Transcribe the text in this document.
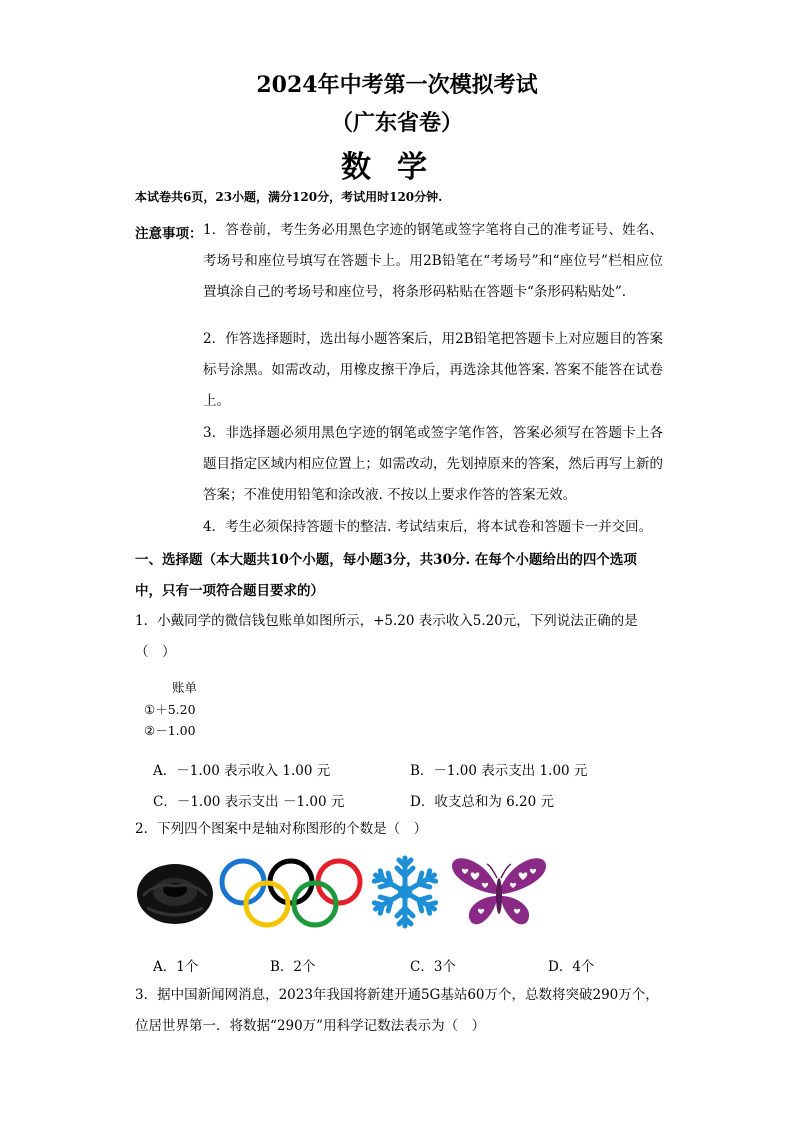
2024年中考第一次模拟考试
（广东省卷）
数学
本试卷共6页，23小题，满分120分，考试用时120分钟.
注意事项： 1．答卷前，考生务必用黑色字迹的钢笔或签字笔将自己的准考证号、姓名、考场号和座位号填写在答题卡上。用2B铅笔在“考场号”和“座位号”栏相应位置填涂自己的考场号和座位号，将条形码粘贴在答题卡“条形码粘贴处”.
2．作答选择题时，选出每小题答案后，用2B铅笔把答题卡上对应题目的答案标号涂黑。如需改动，用橡皮擦干净后，再选涂其他答案. 答案不能答在试卷上。
3．非选择题必须用黑色字迹的钢笔或签字笔作答，答案必须写在答题卡上各题目指定区域内相应位置上；如需改动，先划掉原来的答案，然后再写上新的答案；不准使用铅笔和涂改液. 不按以上要求作答的答案无效。
4．考生必须保持答题卡的整洁. 考试结束后，将本试卷和答题卡一并交回。
一、选择题（本大题共10个小题，每小题3分，共30分. 在每个小题给出的四个选项中，只有一项符合题目要求的）
1．小戴同学的微信钱包账单如图所示，+5.20 表示收入5.20元，下列说法正确的是
（　）
账单
①＋5.20
②－1.00
A．－1.00 表示收入 1.00 元	B．－1.00 表示支出 1.00 元
C．－1.00 表示支出 －1.00 元	D．收支总和为 6.20 元
2．下列四个图案中是轴对称图形的个数是（　）
A．1个	B．2个	C．3个	D．4个
3．据中国新闻网消息，2023年我国将新建开通5G基站60万个，总数将突破290万个，
位居世界第一．将数据“290万”用科学记数法表示为（　）
